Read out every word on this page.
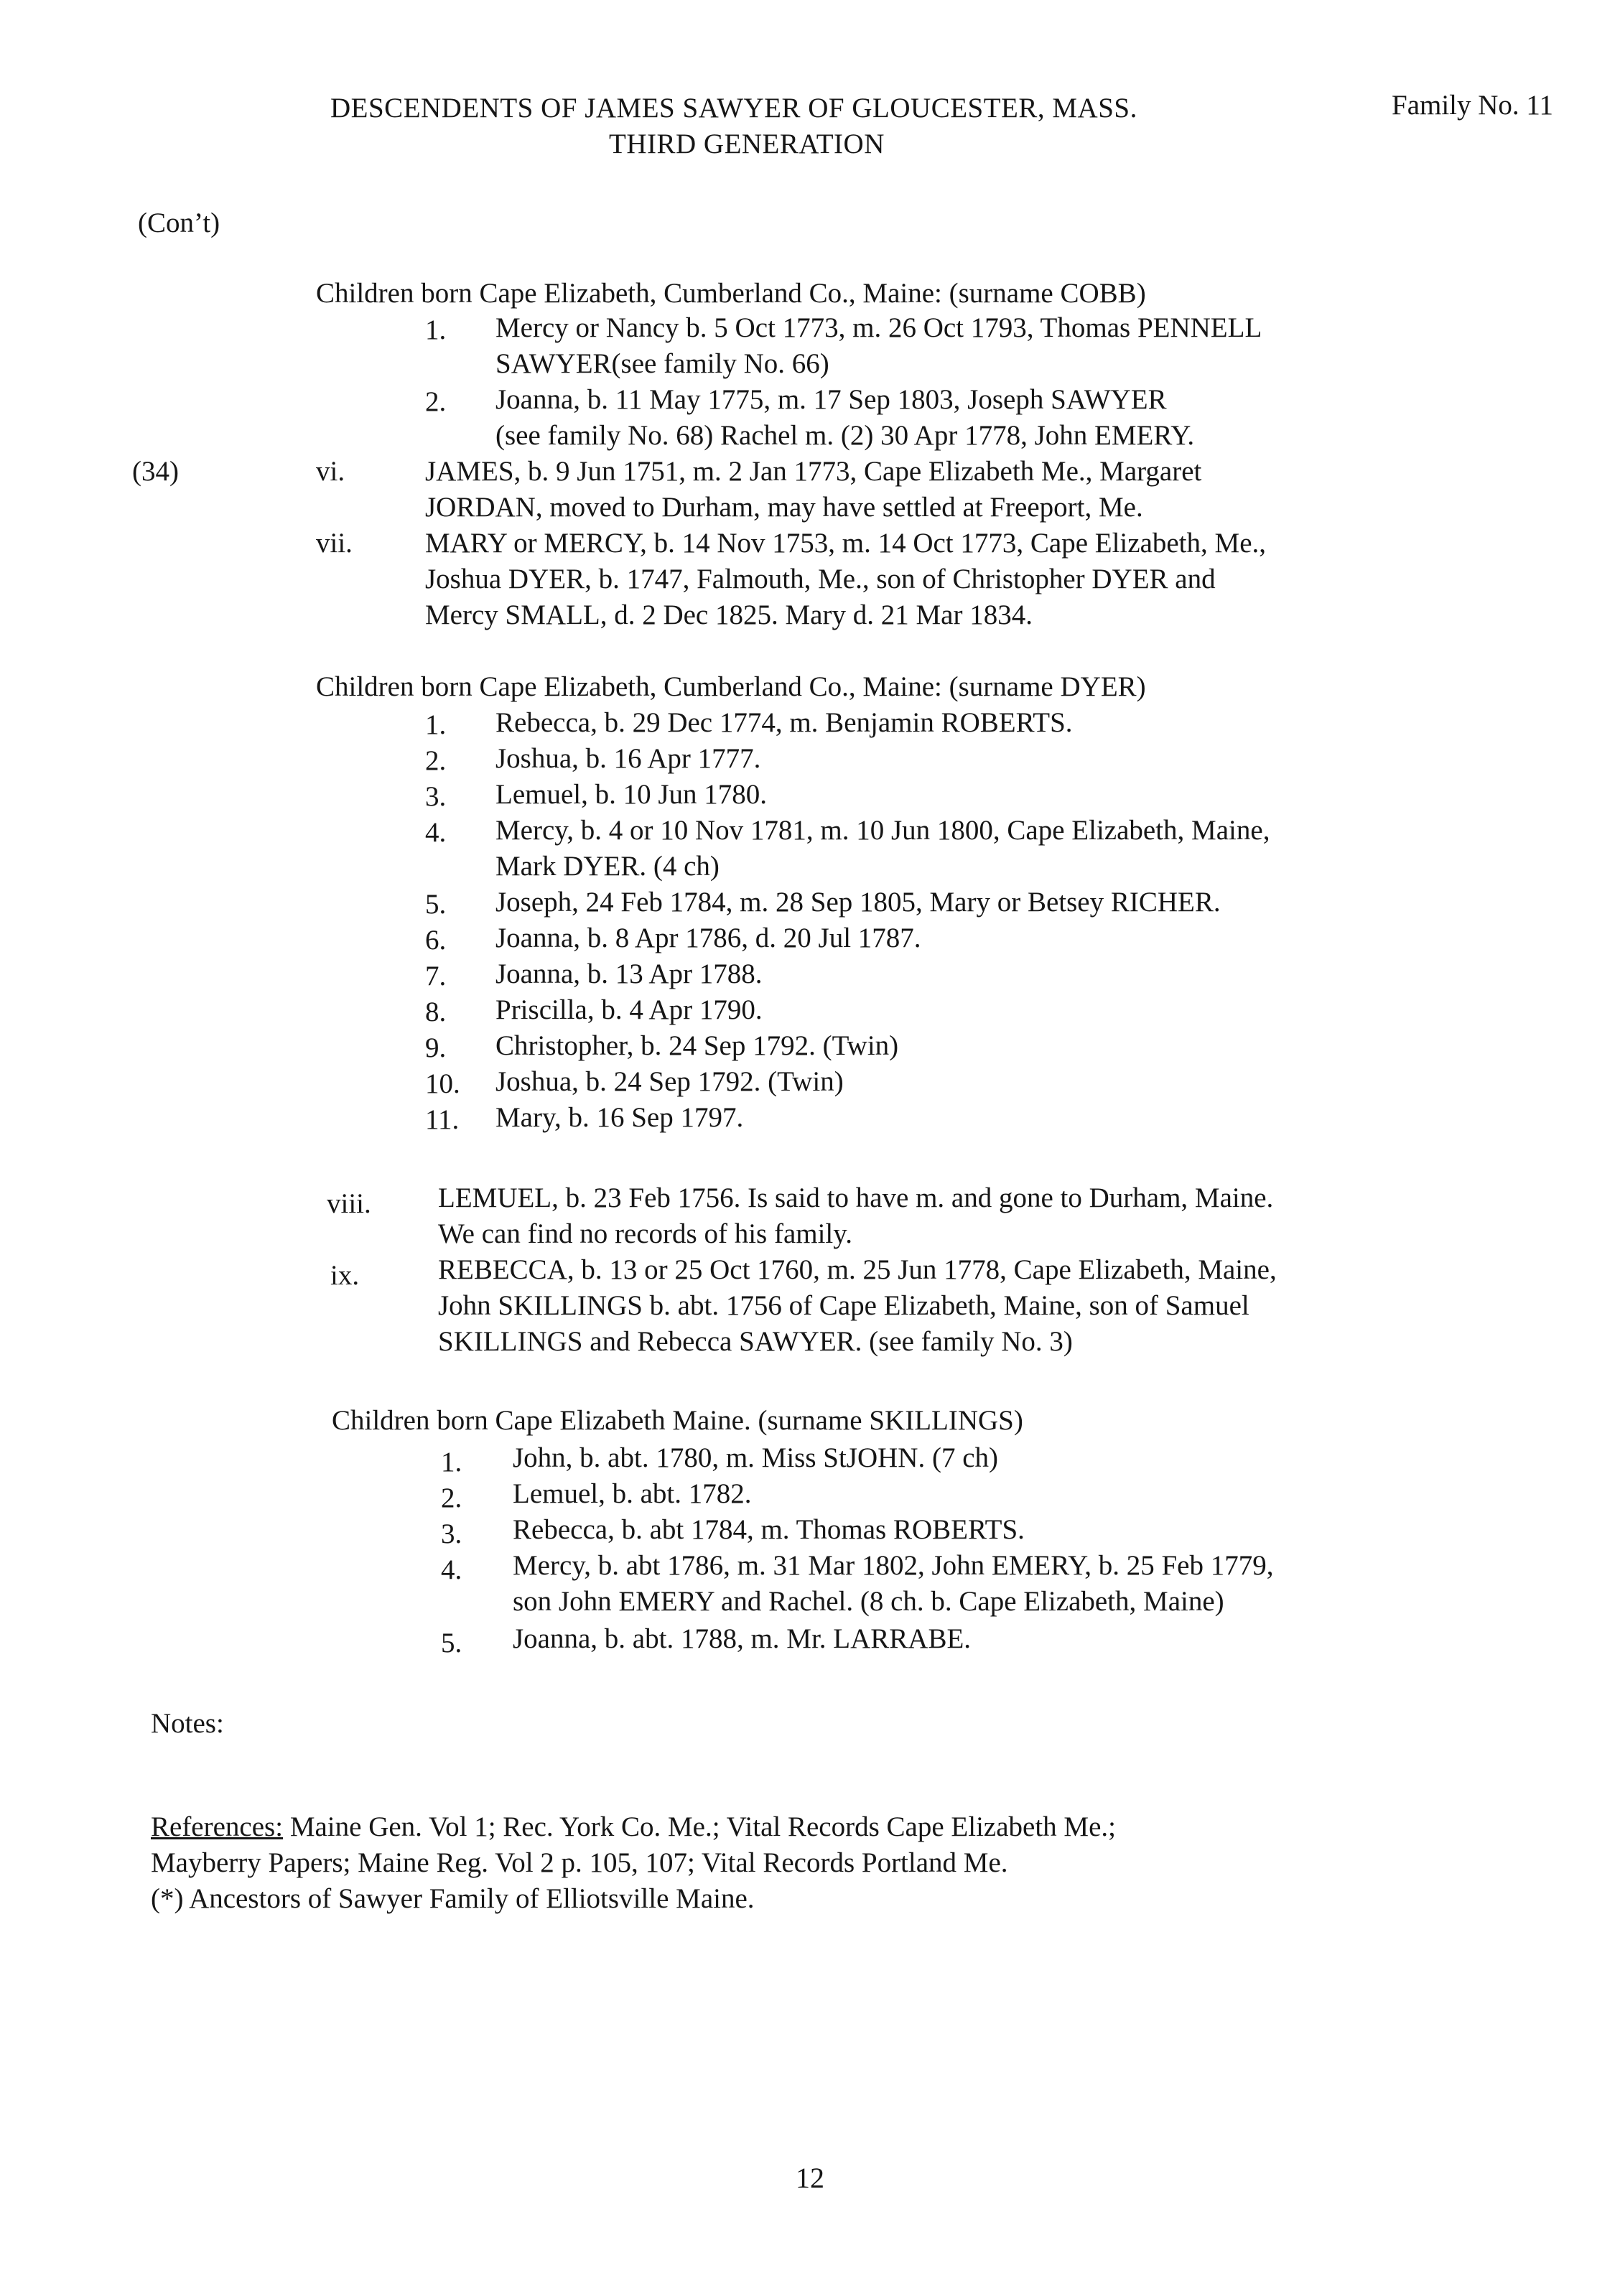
DESCENDENTS OF JAMES SAWYER OF GLOUCESTER, MASS.
THIRD GENERATION
Family No. 11
(Con’t)
Children born Cape Elizabeth, Cumberland Co., Maine: (surname COBB)
1. Mercy or Nancy b. 5 Oct 1773, m. 26 Oct 1793, Thomas PENNELL
SAWYER(see family No. 66)
2. Joanna, b. 11 May 1775, m. 17 Sep 1803, Joseph SAWYER
(see family No. 68) Rachel m. (2) 30 Apr 1778, John EMERY.
(34)	vi.	JAMES, b. 9 Jun 1751, m. 2 Jan 1773, Cape Elizabeth Me., Margaret
JORDAN, moved to Durham, may have settled at Freeport, Me.
vii.	MARY or MERCY, b. 14 Nov 1753, m. 14 Oct 1773, Cape Elizabeth, Me.,
Joshua DYER, b. 1747, Falmouth, Me., son of Christopher DYER and
Mercy SMALL, d. 2 Dec 1825. Mary d. 21 Mar 1834.
Children born Cape Elizabeth, Cumberland Co., Maine: (surname DYER)
1. Rebecca, b. 29 Dec 1774, m. Benjamin ROBERTS.
2. Joshua, b. 16 Apr 1777.
3. Lemuel, b. 10 Jun 1780.
4. Mercy, b. 4 or 10 Nov 1781, m. 10 Jun 1800, Cape Elizabeth, Maine,
Mark DYER. (4 ch)
5. Joseph, 24 Feb 1784, m. 28 Sep 1805, Mary or Betsey RICHER.
6. Joanna, b. 8 Apr 1786, d. 20 Jul 1787.
7. Joanna, b. 13 Apr 1788.
8. Priscilla, b. 4 Apr 1790.
9. Christopher, b. 24 Sep 1792. (Twin)
10. Joshua, b. 24 Sep 1792. (Twin)
11. Mary, b. 16 Sep 1797.
viii. LEMUEL, b. 23 Feb 1756. Is said to have m. and gone to Durham, Maine.
We can find no records of his family.
ix.	REBECCA, b. 13 or 25 Oct 1760, m. 25 Jun 1778, Cape Elizabeth, Maine,
John SKILLINGS b. abt. 1756 of Cape Elizabeth, Maine, son of Samuel
SKILLINGS and Rebecca SAWYER. (see family No. 3)
Children born Cape Elizabeth Maine. (surname SKILLINGS)
1. John, b. abt. 1780, m. Miss StJOHN. (7 ch)
2. Lemuel, b. abt. 1782.
3. Rebecca, b. abt 1784, m. Thomas ROBERTS.
4. Mercy, b. abt 1786, m. 31 Mar 1802, John EMERY, b. 25 Feb 1779,
son John EMERY and Rachel. (8 ch. b. Cape Elizabeth, Maine)
5. Joanna, b. abt. 1788, m. Mr. LARRABE.
Notes:
References: Maine Gen. Vol 1; Rec. York Co. Me.; Vital Records Cape Elizabeth Me.;
Mayberry Papers; Maine Reg. Vol 2 p. 105, 107; Vital Records Portland Me.
(*) Ancestors of Sawyer Family of Elliotsville Maine.
12
